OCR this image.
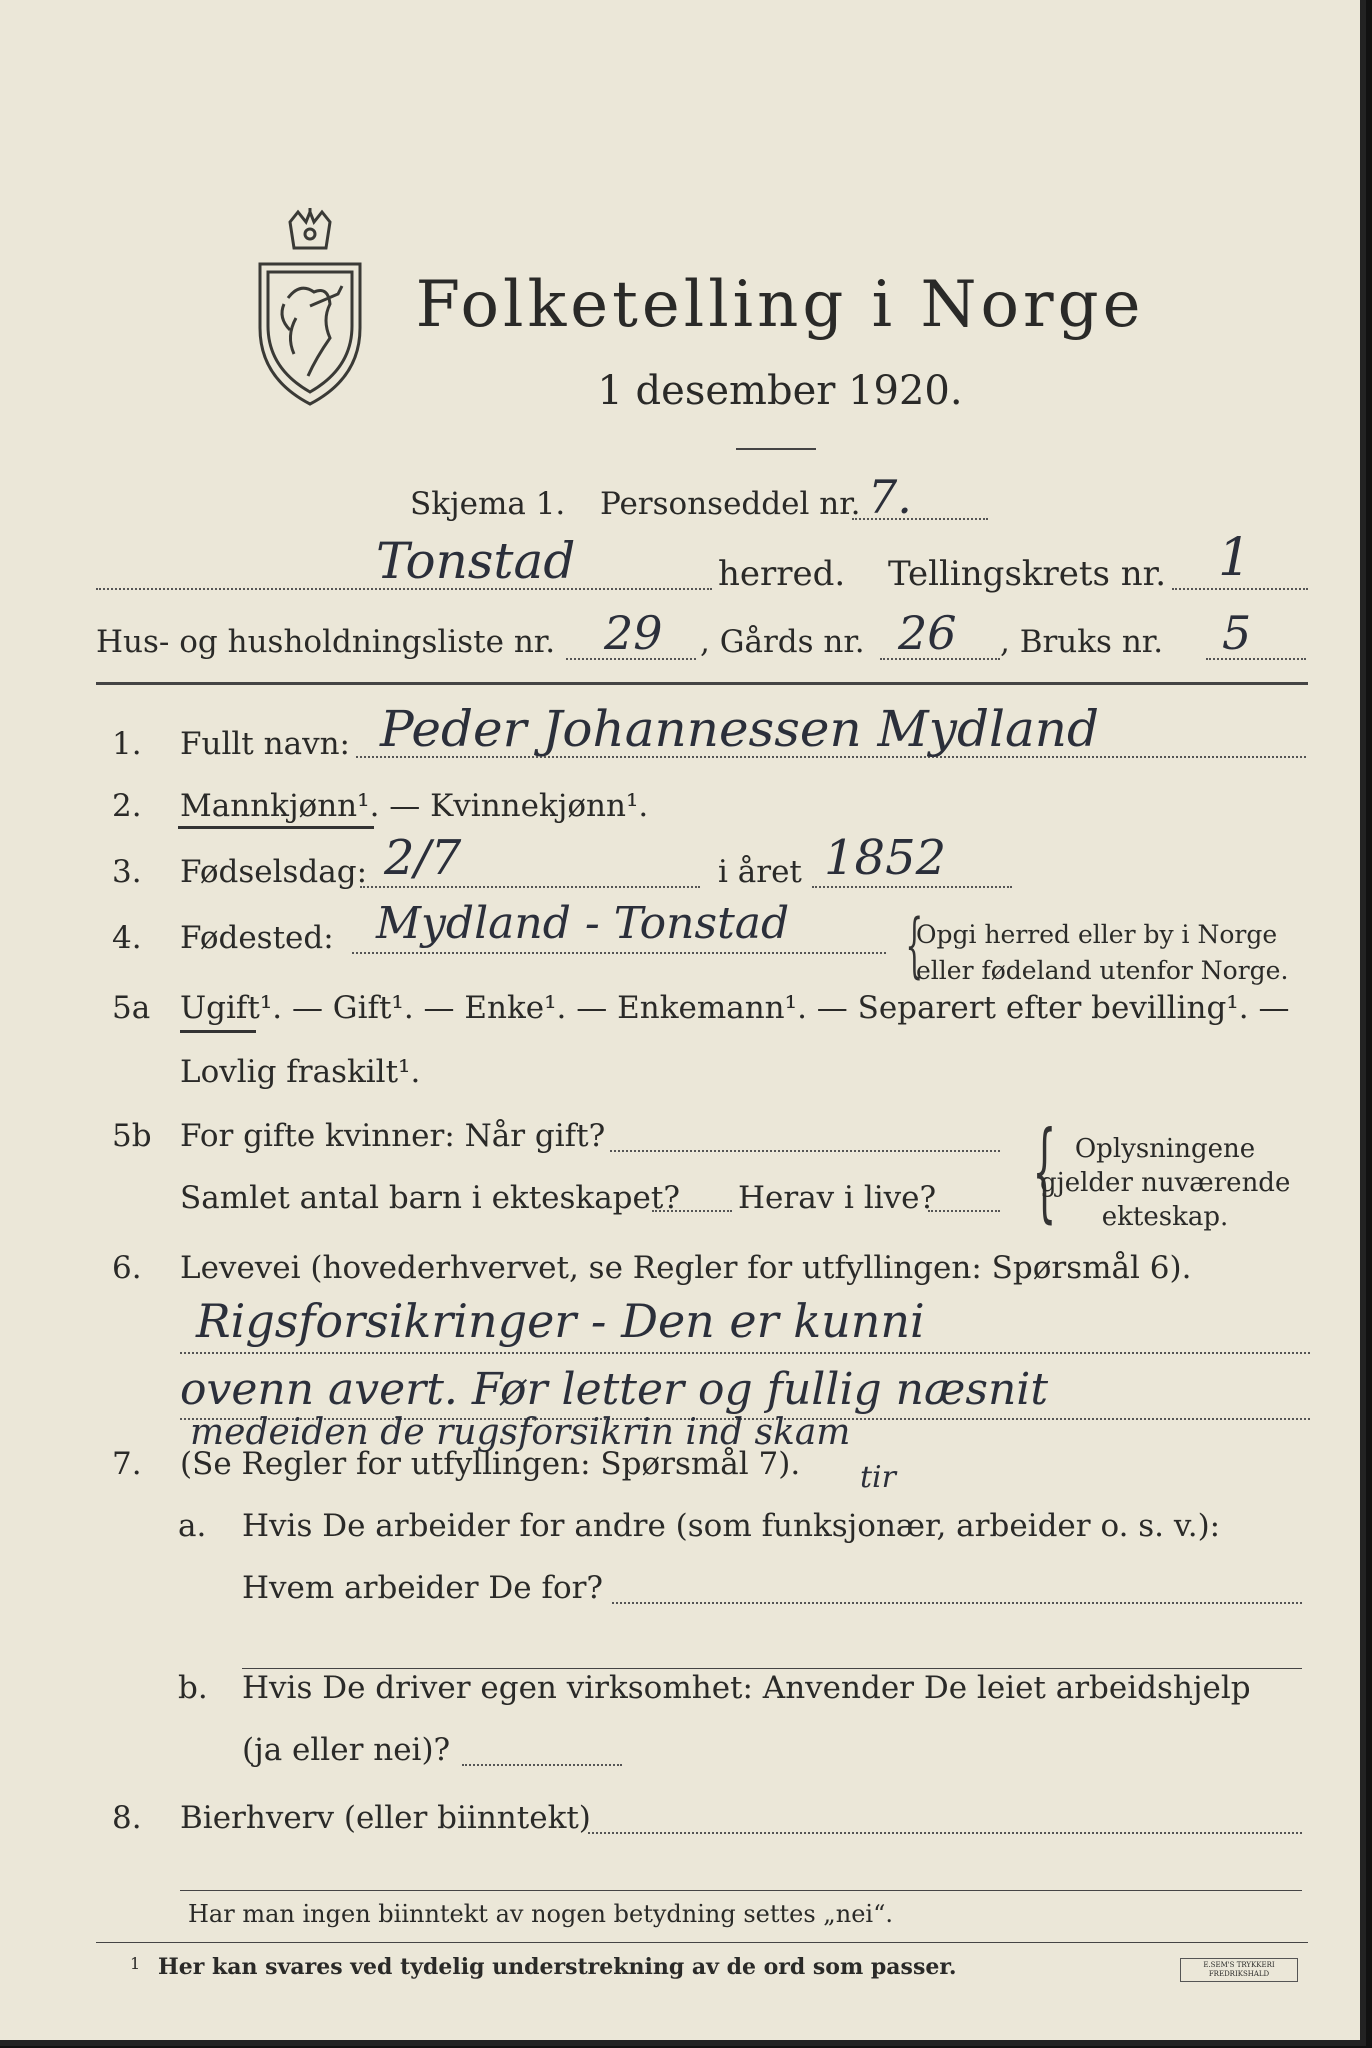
Folketelling i Norge
1 desember 1920.
Skjema 1. Personseddel nr. 7.
Tonstad	herred. Tellingskrets nr. 1
Hus- og husholdningsliste nr. 29 , Gårds nr. 26 , Bruks nr. 5
1. Fullt navn: Peder Johannessen Mydland
2. Mannkjønn¹. — Kvinnekjønn¹.
3. Fødselsdag: 2/7	i året 1852
4. Fødested: Mydland - Tonstad {
Opgi herred eller by i Norge
eller fødeland utenfor Norge.
5a Ugift¹. — Gift¹. — Enke¹. — Enkemann¹. — Separert efter bevilling¹. —
Lovlig fraskilt¹.
5b For gifte kvinner: Når gift?
Samlet antal barn i ekteskapet? Herav i live? { Oplysningene
gjelder nuværende
ekteskap.
6. Levevei (hovederhvervet, se Regler for utfyllingen: Spørsmål 6).
Rigsforsikringer - Den er kunni
ovenn avert. Før letter og fullig næsnit
medeiden de rugsforsikrin ind skam
tir
7. (Se Regler for utfyllingen: Spørsmål 7).
a. Hvis De arbeider for andre (som funksjonær, arbeider o. s. v.):
Hvem arbeider De for?
b. Hvis De driver egen virksomhet: Anvender De leiet arbeidshjelp
(ja eller nei)?
8. Bierhverv (eller biinntekt)
Har man ingen biinntekt av nogen betydning settes „nei“.
1 Her kan svares ved tydelig understrekning av de ord som passer.	E.SEM'S TRYKKERI FREDRIKSHALD
